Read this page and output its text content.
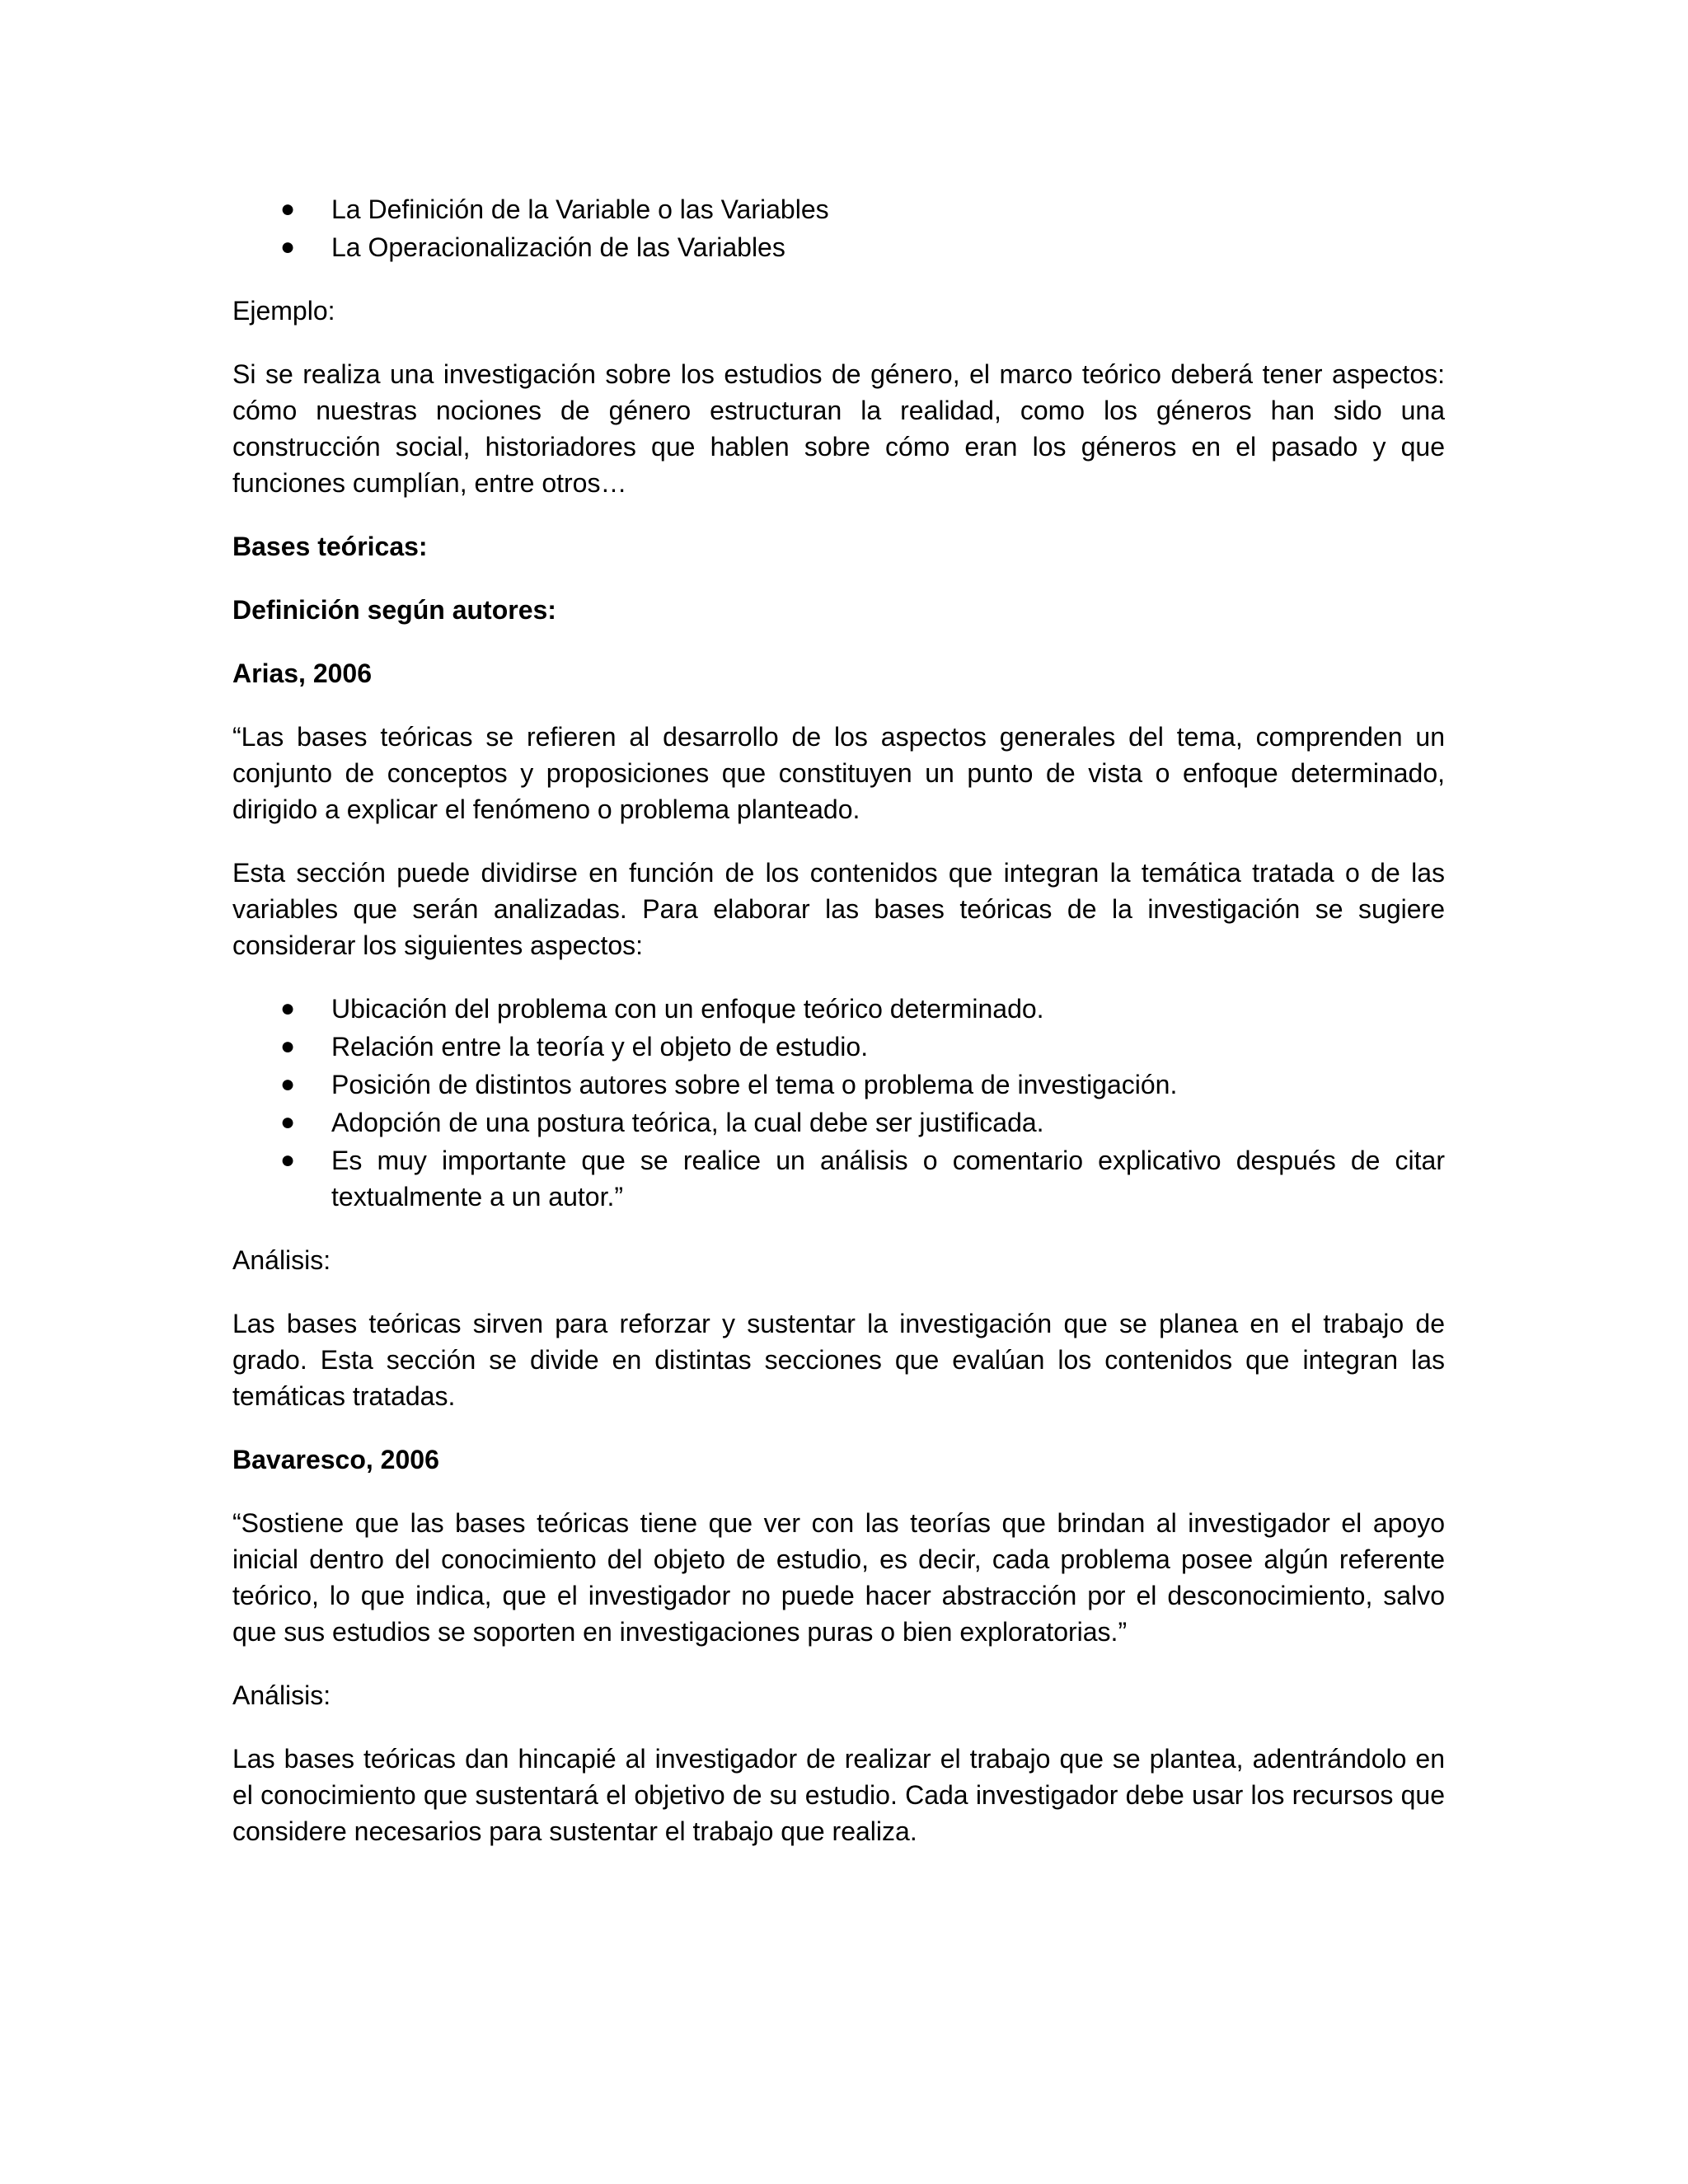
● La Definición de la Variable o las Variables
● La Operacionalización de las Variables

Ejemplo:

Si se realiza una investigación sobre los estudios de género, el marco teórico deberá tener aspectos: cómo nuestras nociones de género estructuran la realidad, como los géneros han sido una construcción social, historiadores que hablen sobre cómo eran los géneros en el pasado y que funciones cumplían, entre otros…

Bases teóricas:

Definición según autores:

Arias, 2006

“Las bases teóricas se refieren al desarrollo de los aspectos generales del tema, comprenden un conjunto de conceptos y proposiciones que constituyen un punto de vista o enfoque determinado, dirigido a explicar el fenómeno o problema planteado.

Esta sección puede dividirse en función de los contenidos que integran la temática tratada o de las variables que serán analizadas. Para elaborar las bases teóricas de la investigación se sugiere considerar los siguientes aspectos:

● Ubicación del problema con un enfoque teórico determinado.
● Relación entre la teoría y el objeto de estudio.
● Posición de distintos autores sobre el tema o problema de investigación.
● Adopción de una postura teórica, la cual debe ser justificada.
● Es muy importante que se realice un análisis o comentario explicativo después de citar textualmente a un autor.”

Análisis:

Las bases teóricas sirven para reforzar y sustentar la investigación que se planea en el trabajo de grado. Esta sección se divide en distintas secciones que evalúan los contenidos que integran las temáticas tratadas.

Bavaresco, 2006

“Sostiene que las bases teóricas tiene que ver con las teorías que brindan al investigador el apoyo inicial dentro del conocimiento del objeto de estudio, es decir, cada problema posee algún referente teórico, lo que indica, que el investigador no puede hacer abstracción por el desconocimiento, salvo que sus estudios se soporten en investigaciones puras o bien exploratorias.”

Análisis:

Las bases teóricas dan hincapié al investigador de realizar el trabajo que se plantea, adentrándolo en el conocimiento que sustentará el objetivo de su estudio. Cada investigador debe usar los recursos que considere necesarios para sustentar el trabajo que realiza.
